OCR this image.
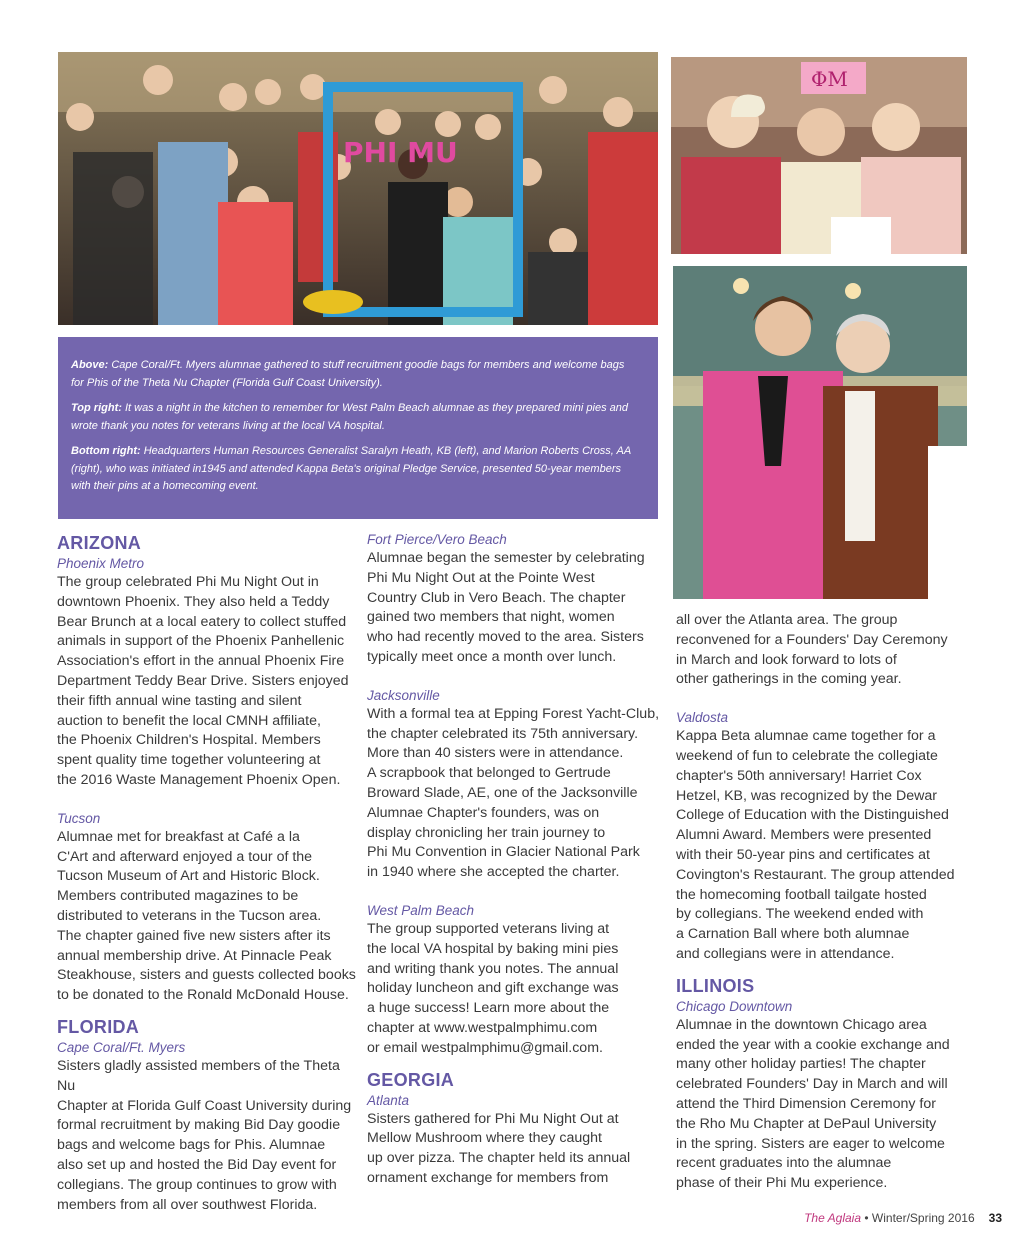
PHI MU
ΦΜ

Above: Cape Coral/Ft. Myers alumnae gathered to stuff recruitment goodie bags for members and welcome bags for Phis of the Theta Nu Chapter (Florida Gulf Coast University).

Top right: It was a night in the kitchen to remember for West Palm Beach alumnae as they prepared mini pies and wrote thank you notes for veterans living at the local VA hospital.

Bottom right: Headquarters Human Resources Generalist Saralyn Heath, KB (left), and Marion Roberts Cross, AA (right), who was initiated in1945 and attended Kappa Beta's original Pledge Service, presented 50-year members with their pins at a homecoming event.

ARIZONA

Phoenix Metro

The group celebrated Phi Mu Night Out in

downtown Phoenix. They also held a Teddy

Bear Brunch at a local eatery to collect stuffed

animals in support of the Phoenix Panhellenic

Association's effort in the annual Phoenix Fire

Department Teddy Bear Drive. Sisters enjoyed

their fifth annual wine tasting and silent

auction to benefit the local CMNH affiliate,

the Phoenix Children's Hospital. Members

spent quality time together volunteering at

the 2016 Waste Management Phoenix Open.

Tucson

Alumnae met for breakfast at Café a la

C'Art and afterward enjoyed a tour of the

Tucson Museum of Art and Historic Block.

Members contributed magazines to be

distributed to veterans in the Tucson area.

The chapter gained five new sisters after its

annual membership drive. At Pinnacle Peak

Steakhouse, sisters and guests collected books

to be donated to the Ronald McDonald House.

FLORIDA

Cape Coral/Ft. Myers

Sisters gladly assisted members of the Theta Nu

Chapter at Florida Gulf Coast University during

formal recruitment by making Bid Day goodie

bags and welcome bags for Phis. Alumnae

also set up and hosted the Bid Day event for

collegians. The group continues to grow with

members from all over southwest Florida.

Fort Pierce/Vero Beach

Alumnae began the semester by celebrating

Phi Mu Night Out at the Pointe West

Country Club in Vero Beach. The chapter

gained two members that night, women

who had recently moved to the area. Sisters

typically meet once a month over lunch.

Jacksonville

With a formal tea at Epping Forest Yacht-Club,

the chapter celebrated its 75th anniversary.

More than 40 sisters were in attendance.

A scrapbook that belonged to Gertrude

Broward Slade, AE, one of the Jacksonville

Alumnae Chapter's founders, was on

display chronicling her train journey to

Phi Mu Convention in Glacier National Park

in 1940 where she accepted the charter.

West Palm Beach

The group supported veterans living at

the local VA hospital by baking mini pies

and writing thank you notes. The annual

holiday luncheon and gift exchange was

a huge success! Learn more about the

chapter at www.westpalmphimu.com

or email westpalmphimu@gmail.com.

GEORGIA

Atlanta

Sisters gathered for Phi Mu Night Out at

Mellow Mushroom where they caught

up over pizza. The chapter held its annual

ornament exchange for members from

all over the Atlanta area. The group

reconvened for a Founders' Day Ceremony

in March and look forward to lots of

other gatherings in the coming year.

Valdosta

Kappa Beta alumnae came together for a

weekend of fun to celebrate the collegiate

chapter's 50th anniversary! Harriet Cox

Hetzel, KB, was recognized by the Dewar

College of Education with the Distinguished

Alumni Award. Members were presented

with their 50-year pins and certificates at

Covington's Restaurant. The group attended

the homecoming football tailgate hosted

by collegians. The weekend ended with

a Carnation Ball where both alumnae

and collegians were in attendance.

ILLINOIS

Chicago Downtown

Alumnae in the downtown Chicago area

ended the year with a cookie exchange and

many other holiday parties! The chapter

celebrated Founders' Day in March and will

attend the Third Dimension Ceremony for

the Rho Mu Chapter at DePaul University

in the spring. Sisters are eager to welcome

recent graduates into the alumnae

phase of their Phi Mu experience.

The Aglaia • Winter/Spring 2016 33
